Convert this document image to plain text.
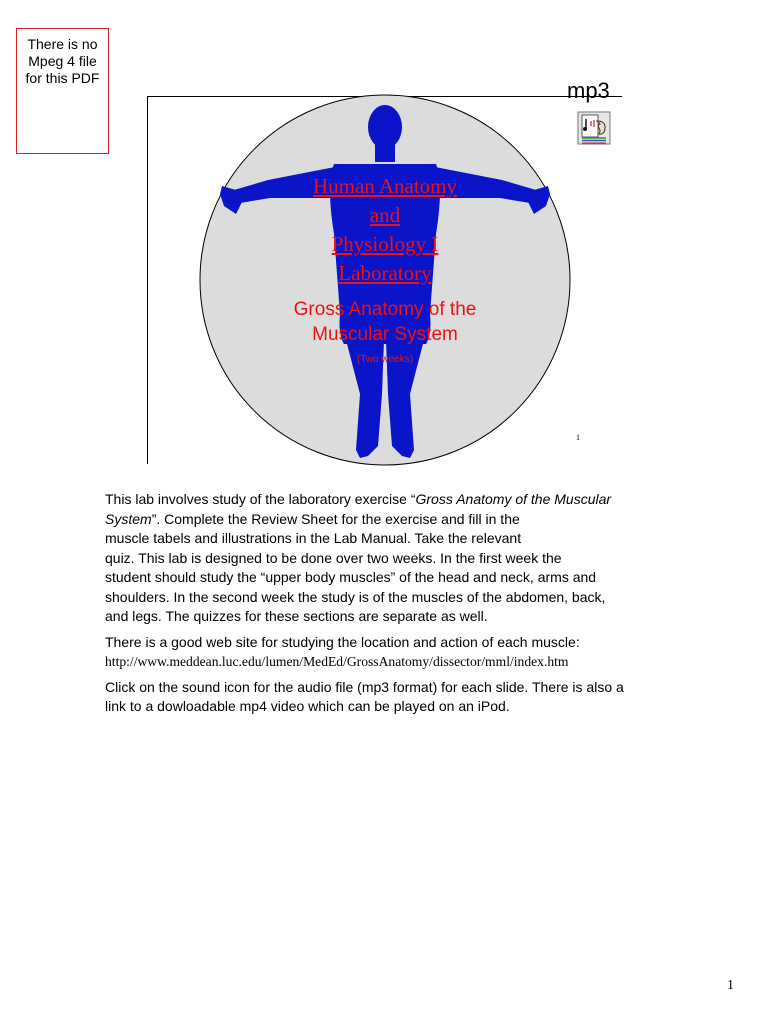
There is no
Mpeg 4 file
for this PDF
Human Anatomy
and
Physiology I
Laboratory
Gross Anatomy of the
Muscular System
(Two weeks)
1
mp3

This lab involves study of the laboratory exercise “Gross Anatomy of the Muscular
System”. Complete the Review Sheet for the exercise and fill in the
muscle tabels and illustrations in the Lab Manual. Take the relevant
quiz. This lab is designed to be done over two weeks. In the first week the
student should study the “upper body muscles” of the head and neck, arms and
shoulders. In the second week the study is of the muscles of the abdomen, back,
and legs. The quizzes for these sections are separate as well.

There is a good web site for studying the location and action of each muscle:
http://www.meddean.luc.edu/lumen/MedEd/GrossAnatomy/dissector/mml/index.htm

Click on the sound icon for the audio file (mp3 format) for each slide. There is also a
link to a dowloadable mp4 video which can be played on an iPod.

1
